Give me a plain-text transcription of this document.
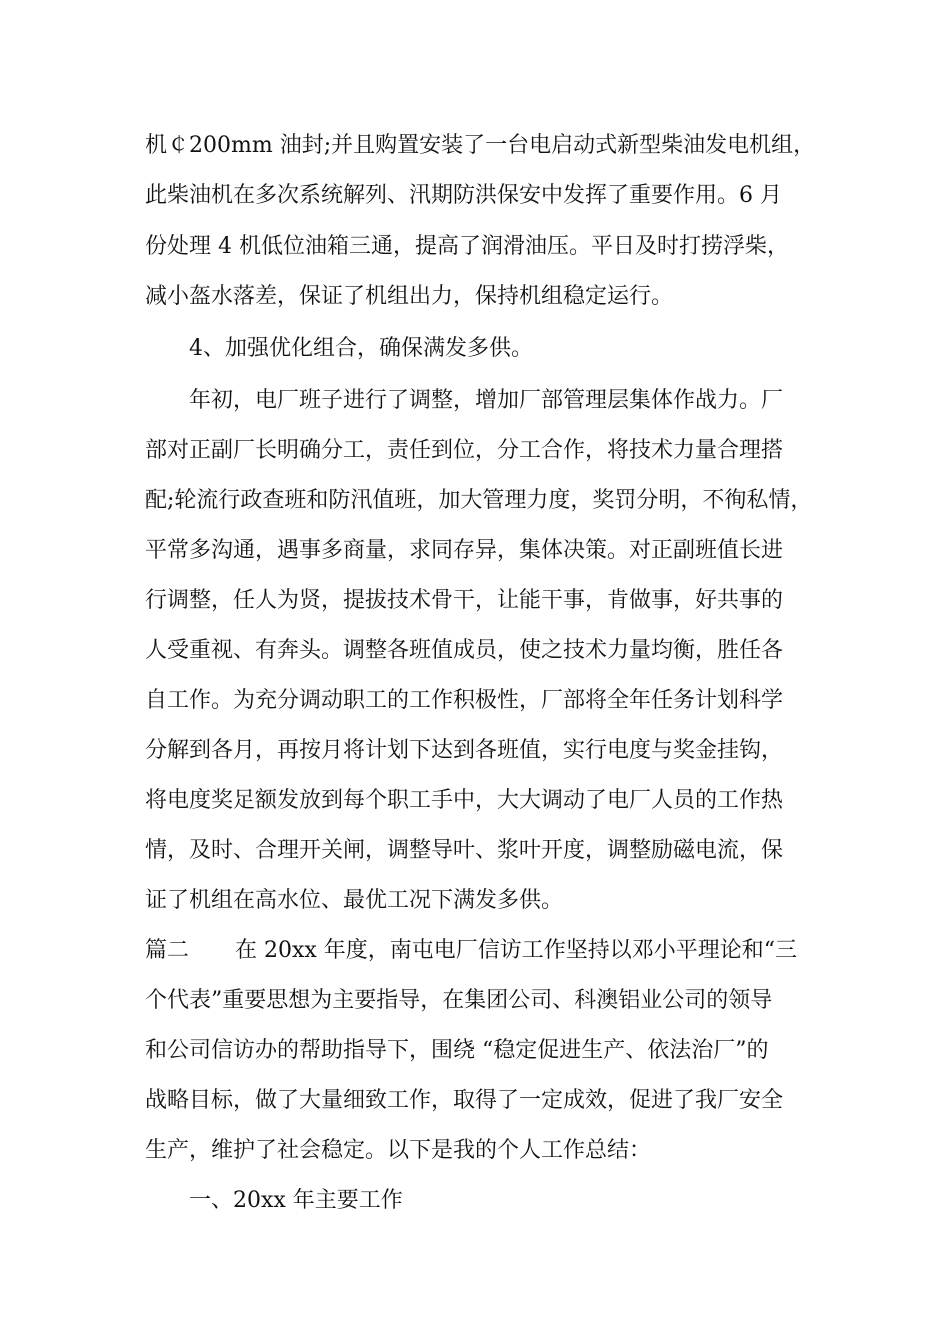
机￠200mm 油封;并且购置安装了一台电启动式新型柴油发电机组，
此柴油机在多次系统解列、汛期防洪保安中发挥了重要作用。6 月
份处理 4 机低位油箱三通，提高了润滑油压。平日及时打捞浮柴，
减小盔水落差，保证了机组出力，保持机组稳定运行。
4、加强优化组合，确保满发多供。
年初，电厂班子进行了调整，增加厂部管理层集体作战力。厂
部对正副厂长明确分工，责任到位，分工合作，将技术力量合理搭
配;轮流行政查班和防汛值班，加大管理力度，奖罚分明，不徇私情，
平常多沟通，遇事多商量，求同存异，集体决策。对正副班值长进
行调整，任人为贤，提拔技术骨干，让能干事，肯做事，好共事的
人受重视、有奔头。调整各班值成员，使之技术力量均衡，胜任各
自工作。为充分调动职工的工作积极性，厂部将全年任务计划科学
分解到各月，再按月将计划下达到各班值，实行电度与奖金挂钩，
将电度奖足额发放到每个职工手中，大大调动了电厂人员的工作热
情，及时、合理开关闸，调整导叶、浆叶开度，调整励磁电流，保
证了机组在高水位、最优工况下满发多供。
篇二 在 20xx 年度，南屯电厂信访工作坚持以邓小平理论和“三
个代表”重要思想为主要指导，在集团公司、科澳铝业公司的领导
和公司信访办的帮助指导下，围绕 “稳定促进生产、依法治厂”的
战略目标，做了大量细致工作，取得了一定成效，促进了我厂安全
生产，维护了社会稳定。以下是我的个人工作总结：
一、20xx 年主要工作
